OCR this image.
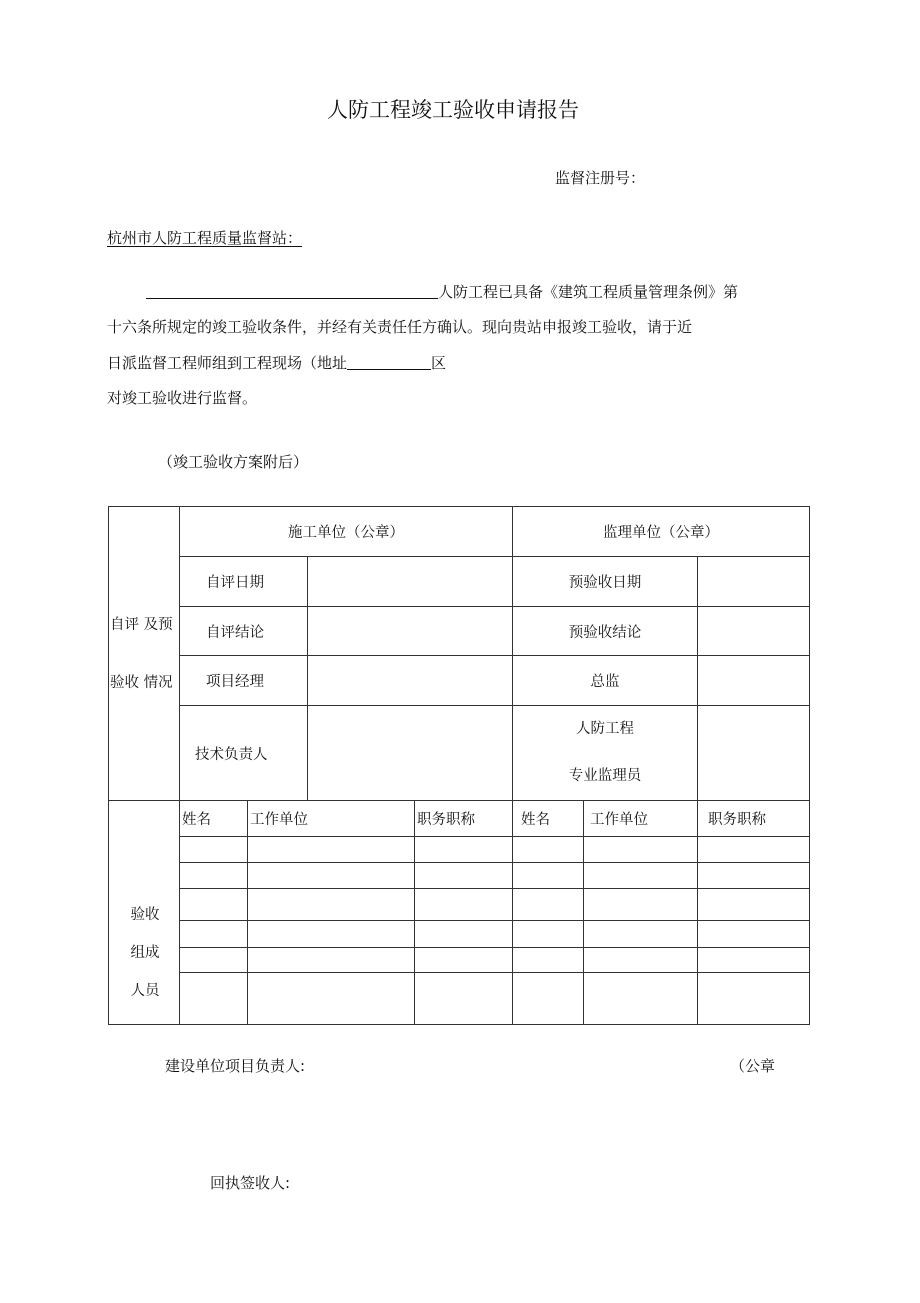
人防工程竣工验收申请报告
监督注册号：
杭州市人防工程质量监督站：
人防工程已具备《建筑工程质量管理条例》第
十六条所规定的竣工验收条件，并经有关责任任方确认。现向贵站申报竣工验收，请于近
日派监督工程师组到工程现场（地址	区
对竣工验收进行监督。
（竣工验收方案附后）
自评 及预
验收 情况	施工单位（公章）				监理单位（公章）		
	自评日期				预验收日期		
	自评结论				预验收结论		
	项目经理				总监		
	技术负责人				人防工程
专业监理员		

验收
组成
人员	姓名	工作单位		职务职称	姓名	工作单位	职务职称

建设单位项目负责人:	（公章
回执签收人:
